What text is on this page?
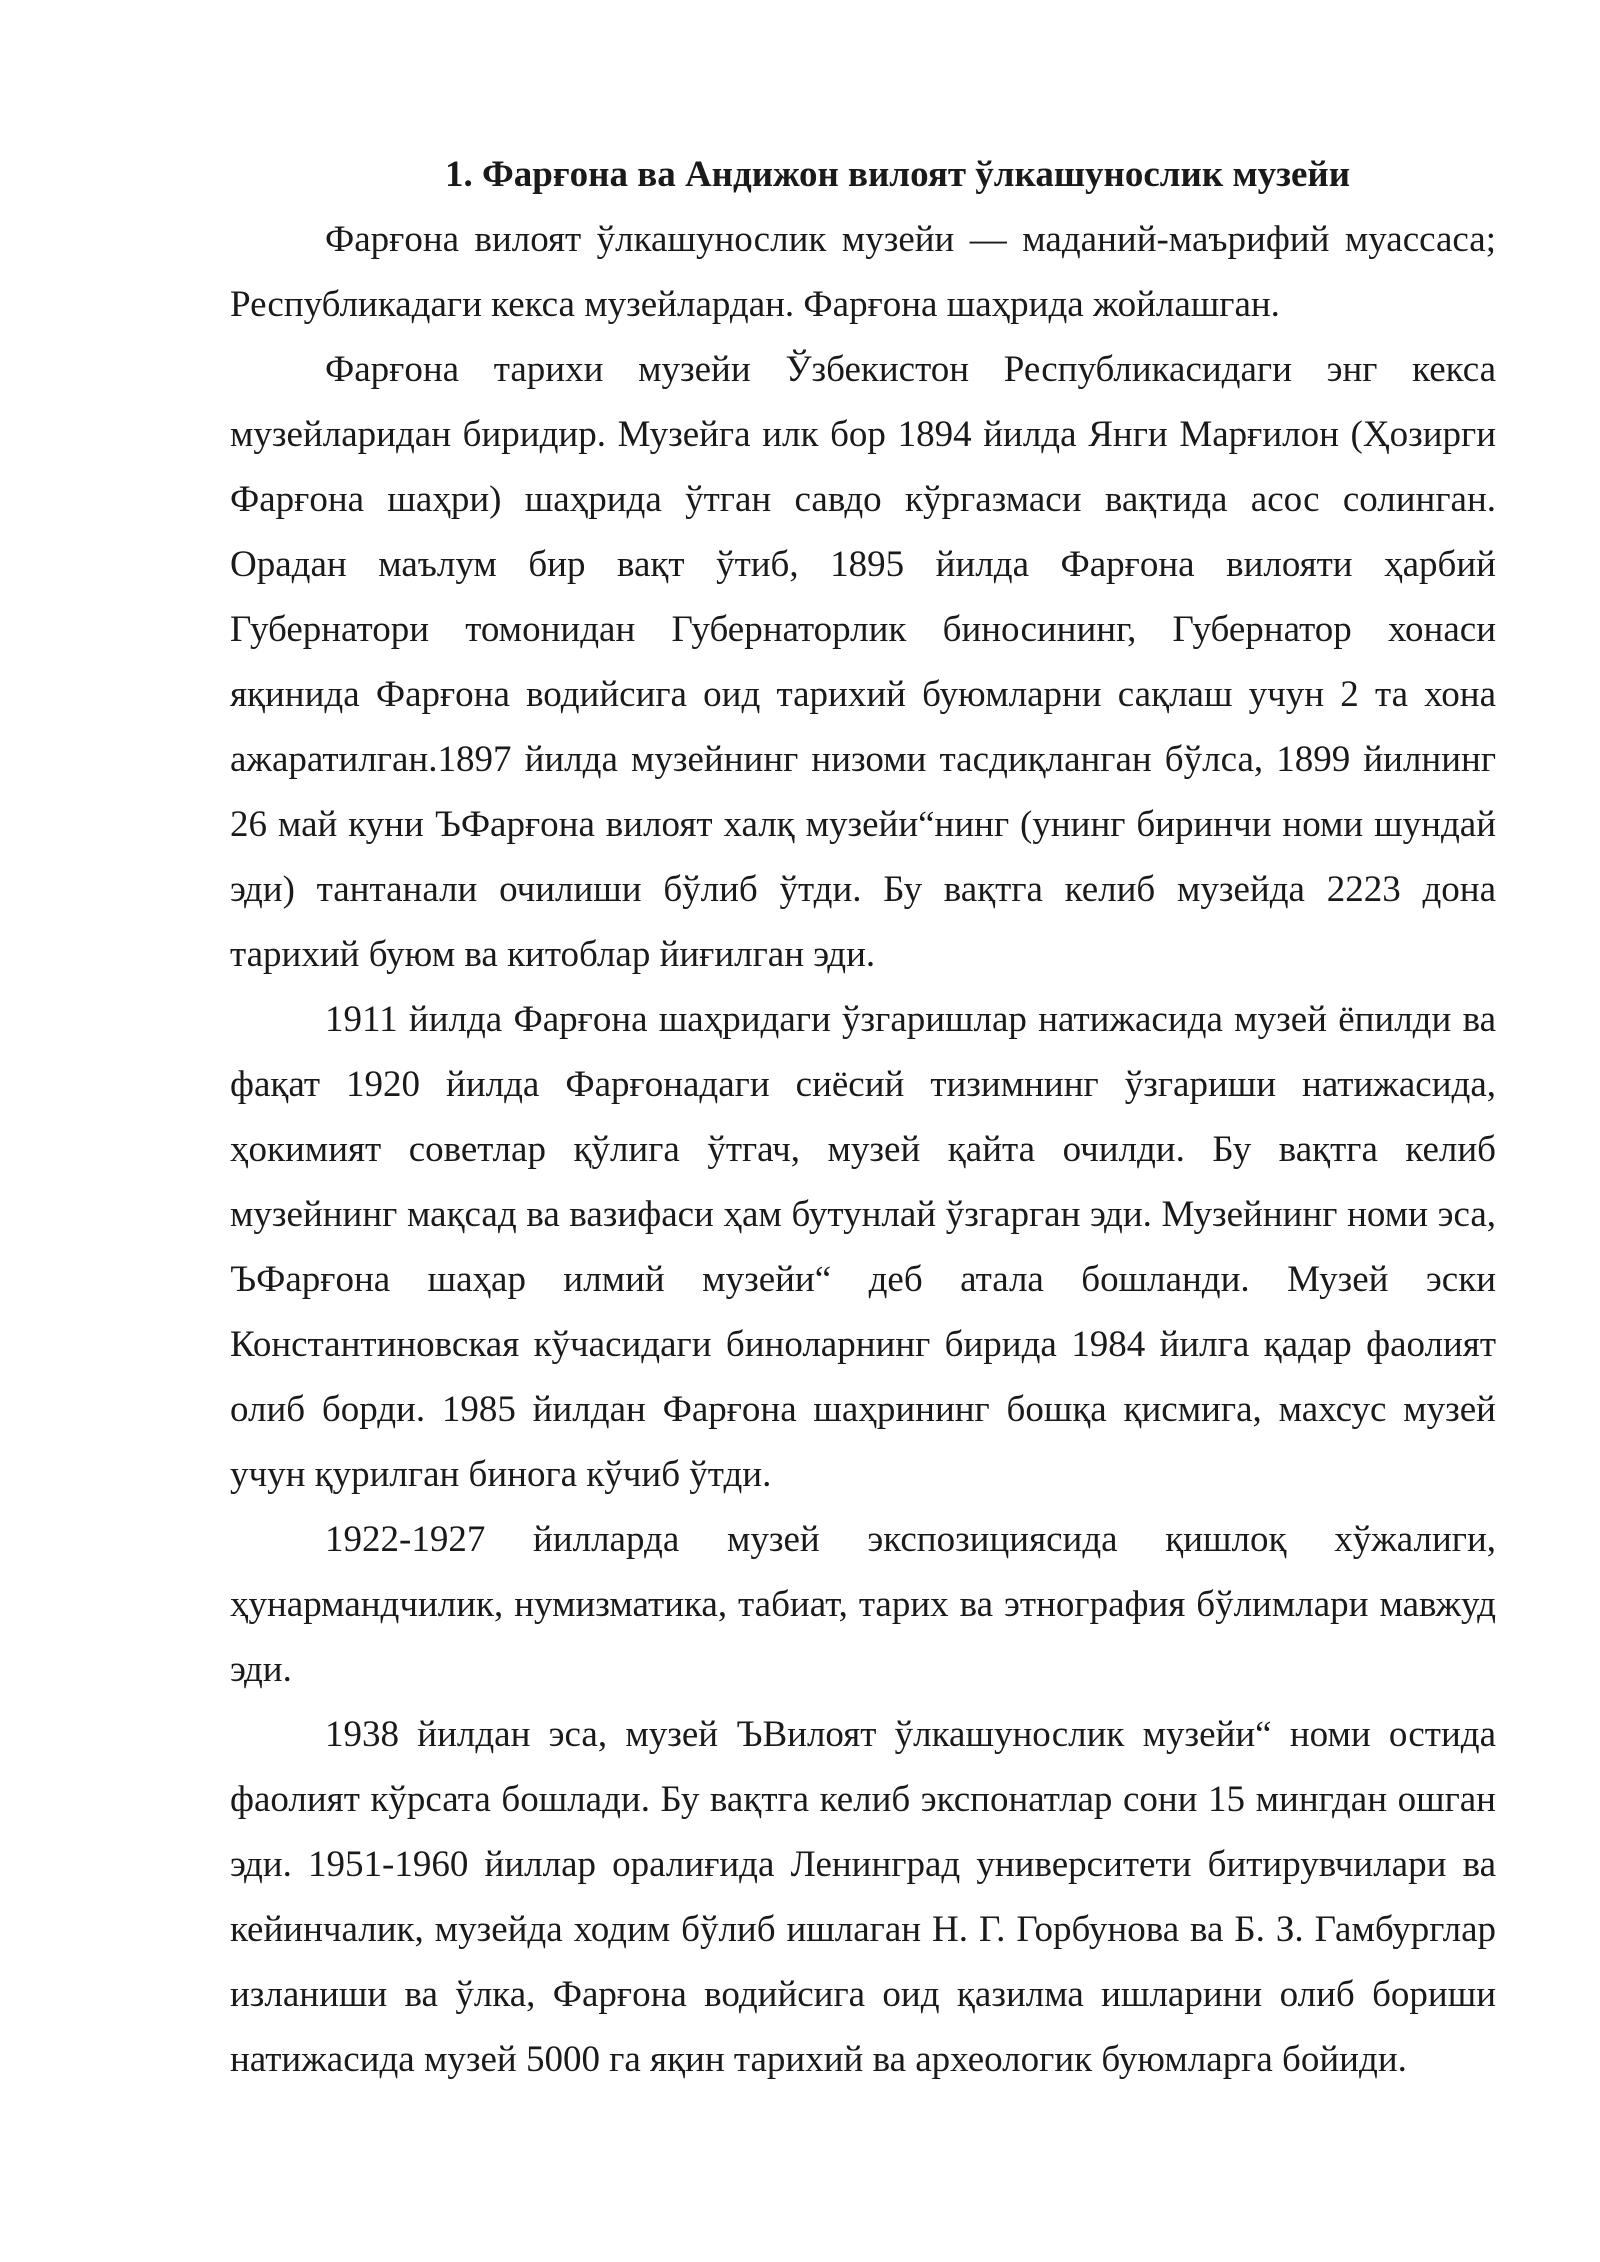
1. Фарғона ва Андижон вилоят ўлкашунослик музейи

Фарғона вилоят ўлкашунослик музейи — маданий-маърифий муассаса; Республикадаги кекса музейлардан. Фарғона шаҳрида жойлашган.

Фарғона тарихи музейи Ўзбекистон Республикасидаги энг кекса музейларидан биридир. Музейга илк бор 1894 йилда Янги Марғилон (Ҳозирги Фарғона шаҳри) шаҳрида ўтган савдо кўргазмаси вақтида асос солинган. Орадан маълум бир вақт ўтиб, 1895 йилда Фарғона вилояти ҳарбий Губернатори томонидан Губернаторлик биносининг, Губернатор хонаси яқинида Фарғона водийсига оид тарихий буюмларни сақлаш учун 2 та хона ажаратилган.1897 йилда музейнинг низоми тасдиқланган бўлса, 1899 йилнинг 26 май куни ЪФарғона вилоят халқ музейи“нинг (унинг биринчи номи шундай эди) тантанали очилиши бўлиб ўтди. Бу вақтга келиб музейда 2223 дона тарихий буюм ва китоблар йиғилган эди.

1911 йилда Фарғона шаҳридаги ўзгаришлар натижасида музей ёпилди ва фақат 1920 йилда Фарғонадаги сиёсий тизимнинг ўзгариши натижасида, ҳокимият советлар қўлига ўтгач, музей қайта очилди. Бу вақтга келиб музейнинг мақсад ва вазифаси ҳам бутунлай ўзгарган эди. Музейнинг номи эса, ЪФарғона шаҳар илмий музейи“ деб атала бошланди. Музей эски Константиновская кўчасидаги биноларнинг бирида 1984 йилга қадар фаолият олиб борди. 1985 йилдан Фарғона шаҳрининг бошқа қисмига, махсус музей учун қурилган бинога кўчиб ўтди.

1922-1927 йилларда музей экспозициясида қишлоқ хўжалиги, ҳунармандчилик, нумизматика, табиат, тарих ва этнография бўлимлари мавжуд эди.

1938 йилдан эса, музей ЪВилоят ўлкашунослик музейи“ номи остида фаолият кўрсата бошлади. Бу вақтга келиб экспонатлар сони 15 мингдан ошган эди. 1951-1960 йиллар оралиғида Ленинград университети битирувчилари ва кейинчалик, музейда ходим бўлиб ишлаган Н. Г. Горбунова ва Б. З. Гамбурглар изланиши ва ўлка, Фарғона водийсига оид қазилма ишларини олиб бориши натижасида музей 5000 га яқин тарихий ва археологик буюмларга бойиди.
